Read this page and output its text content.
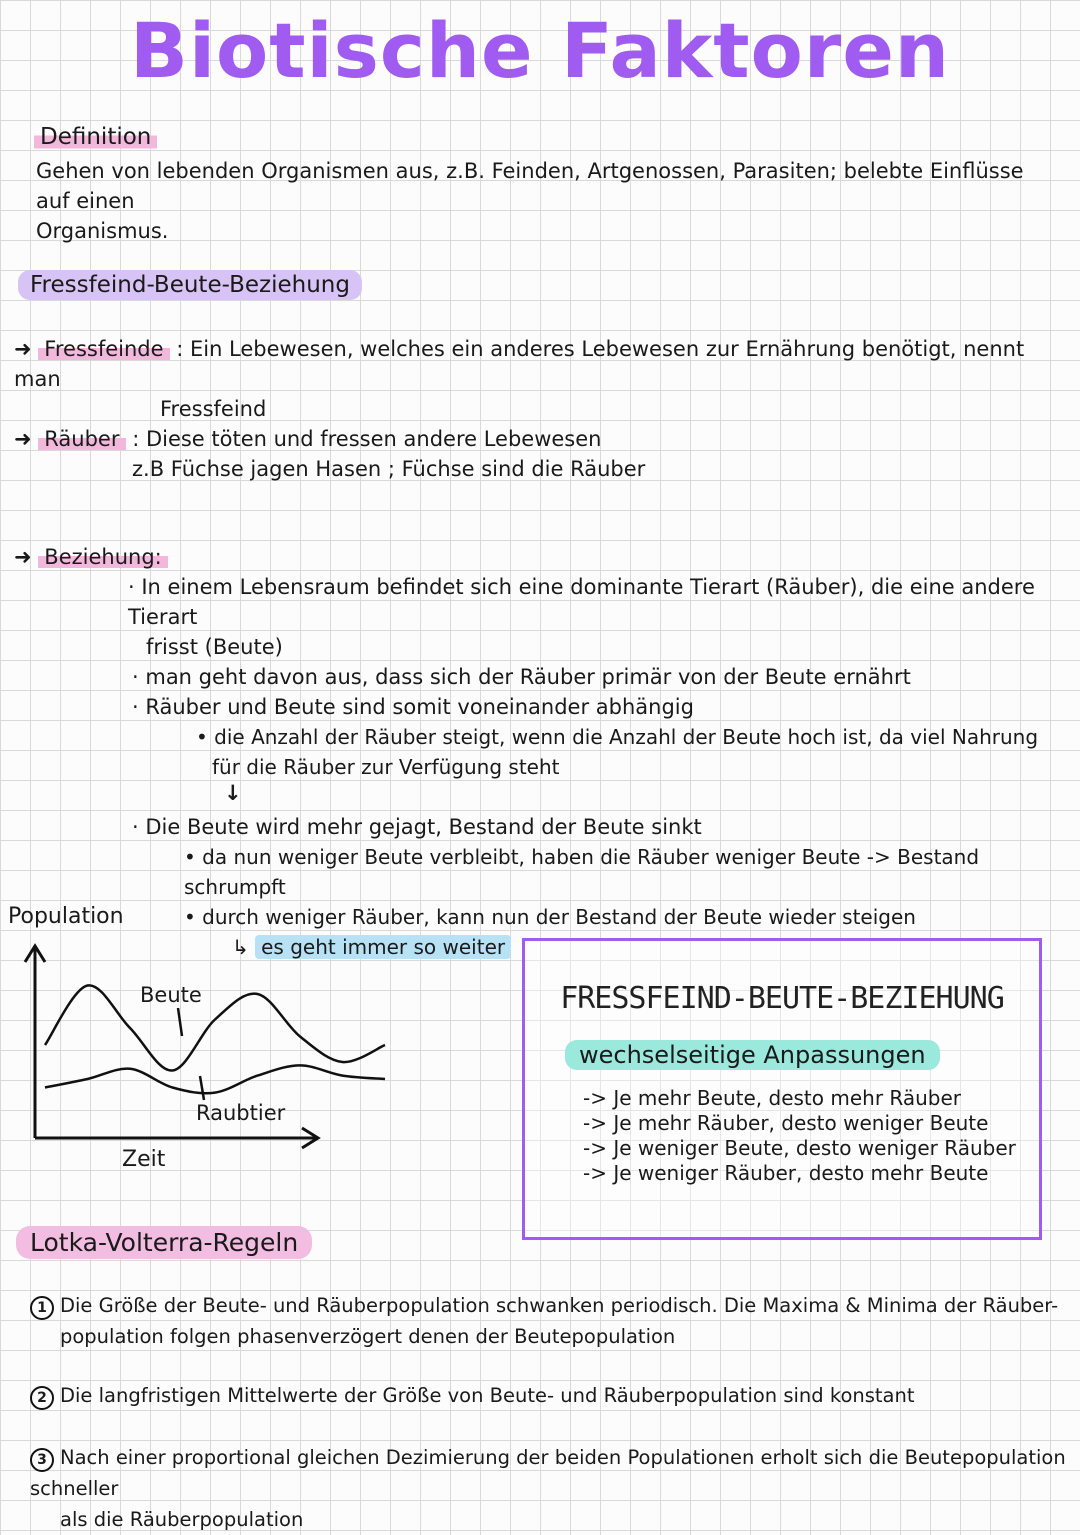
Biotische Faktoren
Definition
Gehen von lebenden Organismen aus, z.B. Feinden, Artgenossen, Parasiten; belebte Einflüsse auf einen
Organismus.
Fressfeind-Beute-Beziehung
➜ Fressfeinde : Ein Lebewesen, welches ein anderes Lebewesen zur Ernährung benötigt, nennt man
Fressfeind
➜ Räuber : Diese töten und fressen andere Lebewesen
z.B Füchse jagen Hasen ; Füchse sind die Räuber
➜ Beziehung:
· In einem Lebensraum befindet sich eine dominante Tierart (Räuber), die eine andere Tierart
frisst (Beute)
· man geht davon aus, dass sich der Räuber primär von der Beute ernährt
· Räuber und Beute sind somit voneinander abhängig
• die Anzahl der Räuber steigt, wenn die Anzahl der Beute hoch ist, da viel Nahrung
für die Räuber zur Verfügung steht
↓
· Die Beute wird mehr gejagt, Bestand der Beute sinkt
• da nun weniger Beute verbleibt, haben die Räuber weniger Beute -> Bestand schrumpft
• durch weniger Räuber, kann nun der Bestand der Beute wieder steigen
↳ es geht immer so weiter
Population
Zeit
Beute
Raubtier
FRESSFEIND-BEUTE-BEZIEHUNG
wechselseitige Anpassungen
-> Je mehr Beute, desto mehr Räuber
-> Je mehr Räuber, desto weniger Beute
-> Je weniger Beute, desto weniger Räuber
-> Je weniger Räuber, desto mehr Beute
Lotka-Volterra-Regeln
1 Die Größe der Beute- und Räuberpopulation schwanken periodisch. Die Maxima & Minima der Räuber-
population folgen phasenverzögert denen der Beutepopulation
2 Die langfristigen Mittelwerte der Größe von Beute- und Räuberpopulation sind konstant
3 Nach einer proportional gleichen Dezimierung der beiden Populationen erholt sich die Beutepopulation schneller
als die Räuberpopulation
